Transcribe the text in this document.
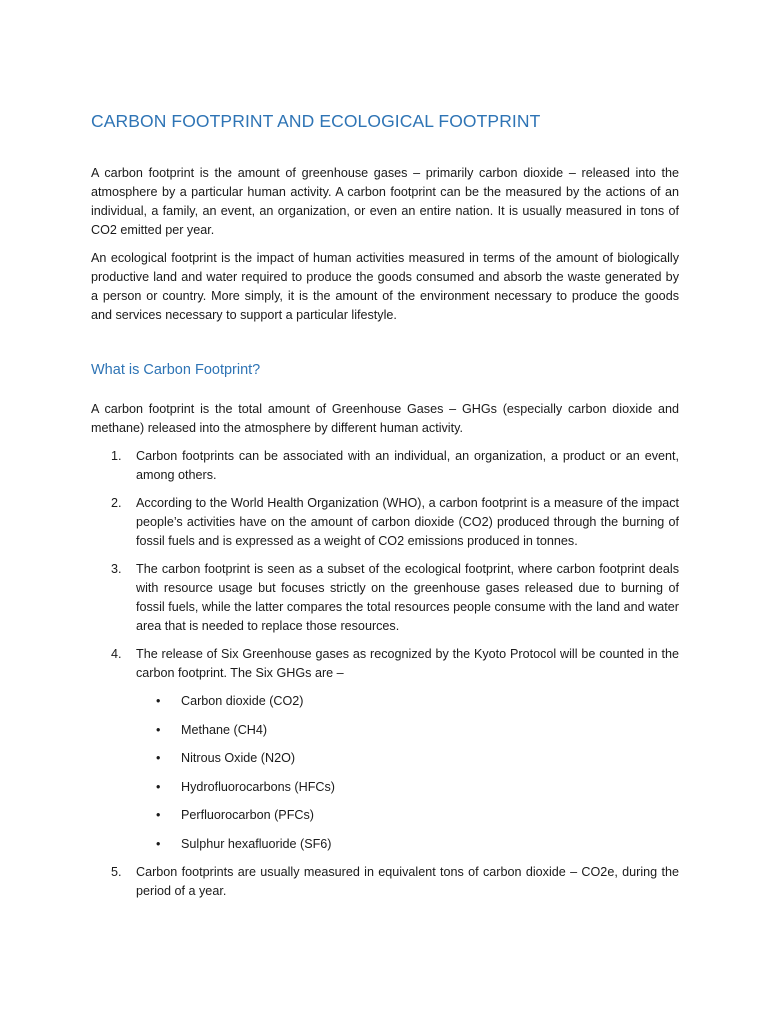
CARBON FOOTPRINT AND ECOLOGICAL FOOTPRINT

A carbon footprint is the amount of greenhouse gases – primarily carbon dioxide – released into the atmosphere by a particular human activity. A carbon footprint can be the measured by the actions of an individual, a family, an event, an organization, or even an entire nation. It is usually measured in tons of CO2 emitted per year.

An ecological footprint is the impact of human activities measured in terms of the amount of biologically productive land and water required to produce the goods consumed and absorb the waste generated by a person or country. More simply, it is the amount of the environment necessary to produce the goods and services necessary to support a particular lifestyle.

What is Carbon Footprint?

A carbon footprint is the total amount of Greenhouse Gases – GHGs (especially carbon dioxide and methane) released into the atmosphere by different human activity.

1. Carbon footprints can be associated with an individual, an organization, a product or an event, among others.
2. According to the World Health Organization (WHO), a carbon footprint is a measure of the impact people’s activities have on the amount of carbon dioxide (CO2) produced through the burning of fossil fuels and is expressed as a weight of CO2 emissions produced in tonnes.
3. The carbon footprint is seen as a subset of the ecological footprint, where carbon footprint deals with resource usage but focuses strictly on the greenhouse gases released due to burning of fossil fuels, while the latter compares the total resources people consume with the land and water area that is needed to replace those resources.
4. The release of Six Greenhouse gases as recognized by the Kyoto Protocol will be counted in the carbon footprint. The Six GHGs are –
• Carbon dioxide (CO2)
• Methane (CH4)
• Nitrous Oxide (N2O)
• Hydrofluorocarbons (HFCs)
• Perfluorocarbon (PFCs)
• Sulphur hexafluoride (SF6)
5. Carbon footprints are usually measured in equivalent tons of carbon dioxide – CO2e, during the period of a year.
